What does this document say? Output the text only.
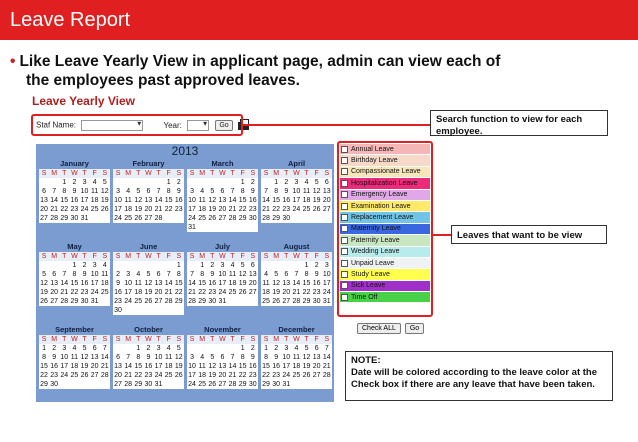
Leave Report
• Like Leave Yearly View in applicant page, admin can view each of
the employees past approved leaves.
Leave Yearly View
Staf Name: ▾	Year: ▾	Go
Search function to view for each employee.
2013
January
S M T W T F S
1 2 3 4 5
6 7 8 9 10 11 12
13 14 15 16 17 18 19
20 21 22 23 24 25 26
27 28 29 30 31
February
S M T W T F S
1 2
3 4 5 6 7 8 9
10 11 12 13 14 15 16
17 18 19 20 21 22 23
24 25 26 27 28
March
S M T W T F S
1 2
3 4 5 6 7 8 9
10 11 12 13 14 15 16
17 18 19 20 21 22 23
24 25 26 27 28 29 30
31
April
S M T W T F S
1 2 3 4 5 6
7 8 9 10 11 12 13
14 15 16 17 18 19 20
21 22 23 24 25 26 27
28 29 30
May
S M T W T F S
1 2 3 4
5 6 7 8 9 10 11
12 13 14 15 16 17 18
19 20 21 22 23 24 25
26 27 28 29 30 31
June
S M T W T F S
1
2 3 4 5 6 7 8
9 10 11 12 13 14 15
16 17 18 19 20 21 22
23 24 25 26 27 28 29
30
July
S M T W T F S
1 2 3 4 5 6
7 8 9 10 11 12 13
14 15 16 17 18 19 20
21 22 23 24 25 26 27
28 29 30 31
August
S M T W T F S
1 2 3
4 5 6 7 8 9 10
11 12 13 14 15 16 17
18 19 20 21 22 23 24
25 26 27 28 29 30 31
September
S M T W T F S
1 2 3 4 5 6 7
8 9 10 11 12 13 14
15 16 17 18 19 20 21
22 23 24 25 26 27 28
29 30
October
S M T W T F S
1 2 3 4 5
6 7 8 9 10 11 12
13 14 15 16 17 18 19
20 21 22 23 24 25 26
27 28 29 30 31
November
S M T W T F S
1 2
3 4 5 6 7 8 9
10 11 12 13 14 15 16
17 18 19 20 21 22 23
24 25 26 27 28 29 30
December
S M T W T F S
1 2 3 4 5 6 7
8 9 10 11 12 13 14
15 16 17 18 19 20 21
22 23 24 25 26 27 28
29 30 31
Annual Leave
Birthday Leave
Compassionate Leave
Hospitalization Leave
Emergency Leave
Examination Leave
Replacement Leave
Maternity Leave
Paternity Leave
Wedding Leave
Unpaid Leave
Study Leave
Sick Leave
Time Off
Check ALL Go
Leaves that want to be view
NOTE:
Date will be colored according to the leave color at the Check box if there are any leave that have been taken.
